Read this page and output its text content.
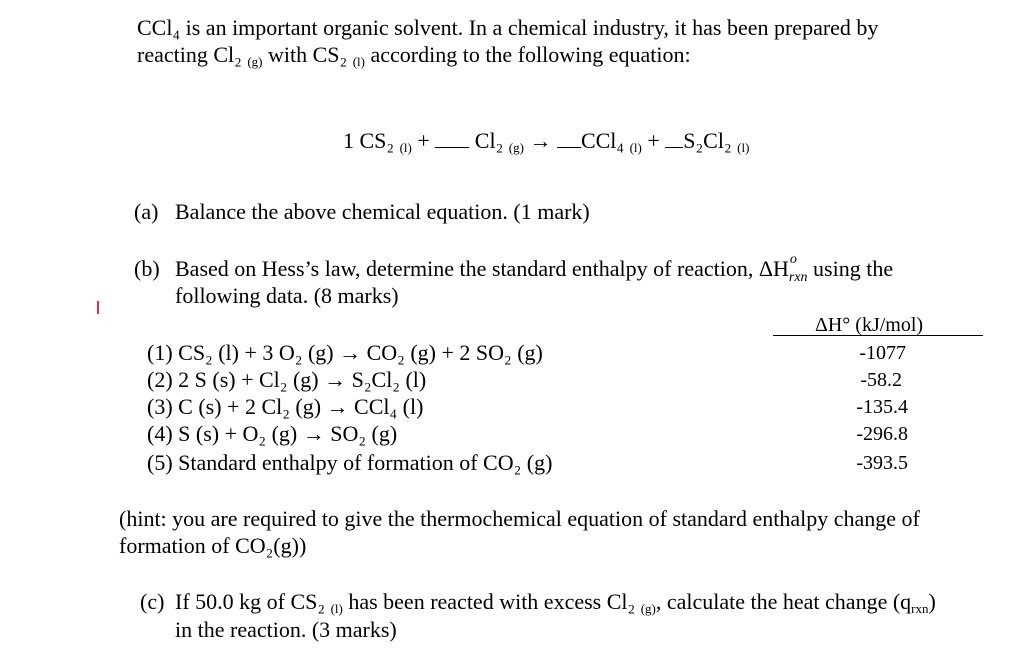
CCl₄ is an important organic solvent. In a chemical industry, it has been prepared by
reacting Cl₂ (g) with CS₂ (l) according to the following equation:
1 CS₂ (l) +  Cl₂ (g) → CCl₄ (l) + S₂Cl₂ (l)
(a) Balance the above chemical equation. (1 mark)
(b) Based on Hess’s law, determine the standard enthalpy of reaction, ΔH o
$_{rxn}$ using the
following data. (8 marks)
ΔH° (kJ/mol)
(1) CS₂ (l) + 3 O₂ (g) → CO₂ (g) + 2 SO₂ (g)	-1077
(2) 2 S (s) + Cl₂ (g) → S₂Cl₂ (l)	-58.2
(3) C (s) + 2 Cl₂ (g) → CCl₄ (l)	-135.4
(4) S (s) + O₂ (g) → SO₂ (g)	-296.8
(5) Standard enthalpy of formation of CO₂ (g)	-393.5
(hint: you are required to give the thermochemical equation of standard enthalpy change of
formation of CO₂(g))
(c) If 50.0 kg of CS₂ (l) has been reacted with excess Cl₂ (g), calculate the heat change (qrxn)
in the reaction. (3 marks)
